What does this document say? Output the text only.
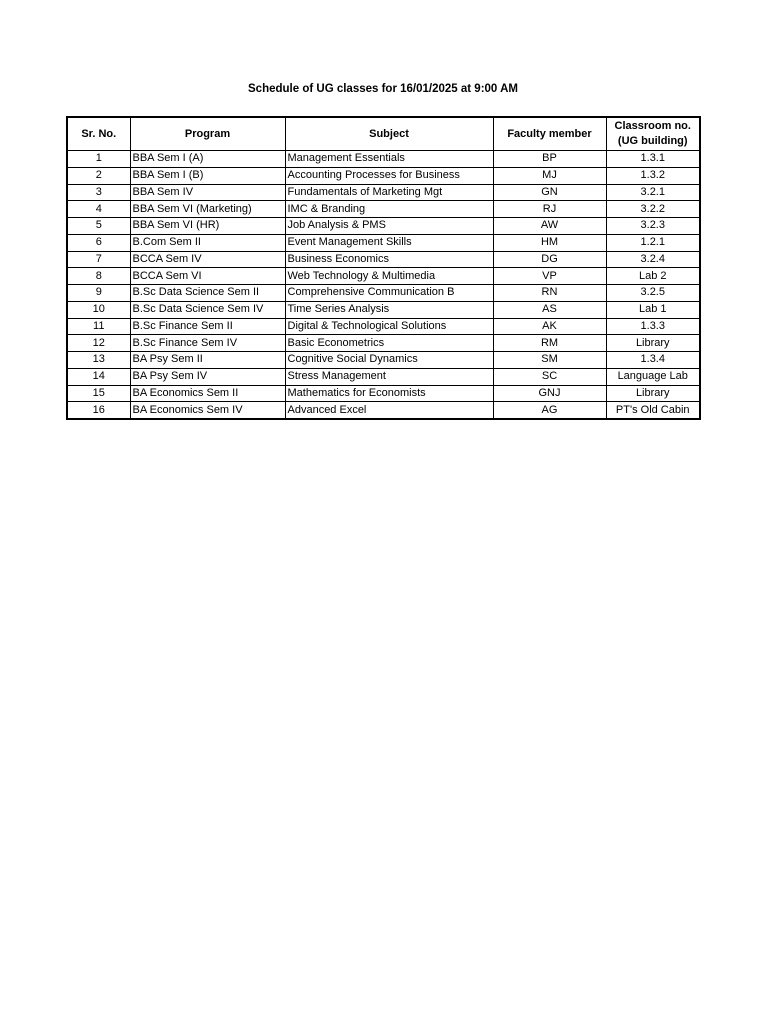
Schedule of UG classes for 16/01/2025 at 9:00 AM
Sr. No.	Program	Subject	Faculty member	Classroom no.
(UG building)

1	BBA Sem I (A)	Management Essentials	BP	1.3.1
2	BBA Sem I (B)	Accounting Processes for Business	MJ	1.3.2
3	BBA Sem IV	Fundamentals of Marketing Mgt	GN	3.2.1
4	BBA Sem VI (Marketing)	IMC & Branding	RJ	3.2.2
5	BBA Sem VI (HR)	Job Analysis & PMS	AW	3.2.3
6	B.Com Sem II	Event Management Skills	HM	1.2.1
7	BCCA Sem IV	Business Economics	DG	3.2.4
8	BCCA Sem VI	Web Technology & Multimedia	VP	Lab 2
9	B.Sc Data Science Sem II	Comprehensive Communication B	RN	3.2.5
10	B.Sc Data Science Sem IV	Time Series Analysis	AS	Lab 1
11	B.Sc Finance Sem II	Digital & Technological Solutions	AK	1.3.3
12	B.Sc Finance Sem IV	Basic Econometrics	RM	Library
13	BA Psy Sem II	Cognitive Social Dynamics	SM	1.3.4
14	BA Psy Sem IV	Stress Management	SC	Language Lab
15	BA Economics Sem II	Mathematics for Economists	GNJ	Library
16	BA Economics Sem IV	Advanced Excel	AG	PT's Old Cabin
